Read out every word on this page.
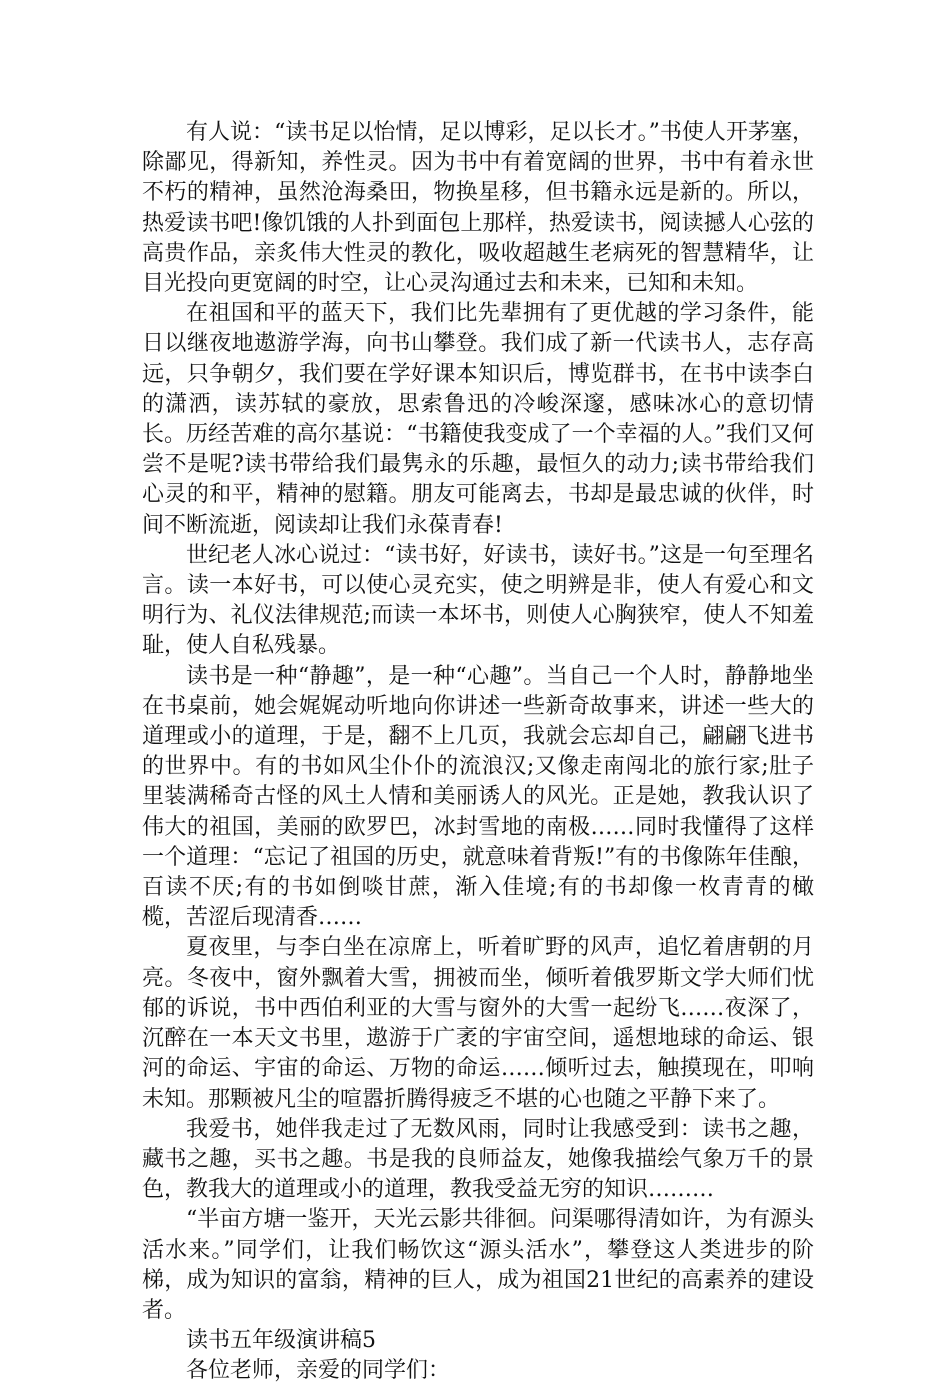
有人说：“读书足以怡情，足以博彩，足以长才。”书使人开茅塞，除鄙见，得新知，养性灵。因为书中有着宽阔的世界，书中有着永世不朽的精神，虽然沧海桑田，物换星移，但书籍永远是新的。所以，热爱读书吧!像饥饿的人扑到面包上那样，热爱读书，阅读撼人心弦的高贵作品，亲炙伟大性灵的教化，吸收超越生老病死的智慧精华，让目光投向更宽阔的时空，让心灵沟通过去和未来，已知和未知。

在祖国和平的蓝天下，我们比先辈拥有了更优越的学习条件，能日以继夜地遨游学海，向书山攀登。我们成了新一代读书人，志存高远，只争朝夕，我们要在学好课本知识后，博览群书，在书中读李白的潇洒，读苏轼的豪放，思索鲁迅的冷峻深邃，感味冰心的意切情长。历经苦难的高尔基说：“书籍使我变成了一个幸福的人。”我们又何尝不是呢?读书带给我们最隽永的乐趣，最恒久的动力;读书带给我们心灵的和平，精神的慰籍。朋友可能离去，书却是最忠诚的伙伴，时间不断流逝，阅读却让我们永葆青春!

世纪老人冰心说过：“读书好，好读书，读好书。”这是一句至理名言。读一本好书，可以使心灵充实，使之明辨是非，使人有爱心和文明行为、礼仪法律规范;而读一本坏书，则使人心胸狭窄，使人不知羞耻，使人自私残暴。

读书是一种“静趣”，是一种“心趣”。当自己一个人时，静静地坐在书桌前，她会娓娓动听地向你讲述一些新奇故事来，讲述一些大的道理或小的道理，于是，翻不上几页，我就会忘却自己，翩翩飞进书的世界中。有的书如风尘仆仆的流浪汉;又像走南闯北的旅行家;肚子里装满稀奇古怪的风土人情和美丽诱人的风光。正是她，教我认识了伟大的祖国，美丽的欧罗巴，冰封雪地的南极……同时我懂得了这样一个道理：“忘记了祖国的历史，就意味着背叛!”有的书像陈年佳酿，百读不厌;有的书如倒啖甘蔗，渐入佳境;有的书却像一枚青青的橄榄，苦涩后现清香……

夏夜里，与李白坐在凉席上，听着旷野的风声，追忆着唐朝的月亮。冬夜中，窗外飘着大雪，拥被而坐，倾听着俄罗斯文学大师们忧郁的诉说，书中西伯利亚的大雪与窗外的大雪一起纷飞……夜深了，沉醉在一本天文书里，遨游于广袤的宇宙空间，遥想地球的命运、银河的命运、宇宙的命运、万物的命运……倾听过去，触摸现在，叩响未知。那颗被凡尘的喧嚣折腾得疲乏不堪的心也随之平静下来了。

我爱书，她伴我走过了无数风雨，同时让我感受到：读书之趣，藏书之趣，买书之趣。书是我的良师益友，她像我描绘气象万千的景色，教我大的道理或小的道理，教我受益无穷的知识………

“半亩方塘一鉴开，天光云影共徘徊。问渠哪得清如许，为有源头活水来。”同学们，让我们畅饮这“源头活水”，攀登这人类进步的阶梯，成为知识的富翁，精神的巨人，成为祖国21世纪的高素养的建设者。

读书五年级演讲稿5

各位老师，亲爱的同学们：
